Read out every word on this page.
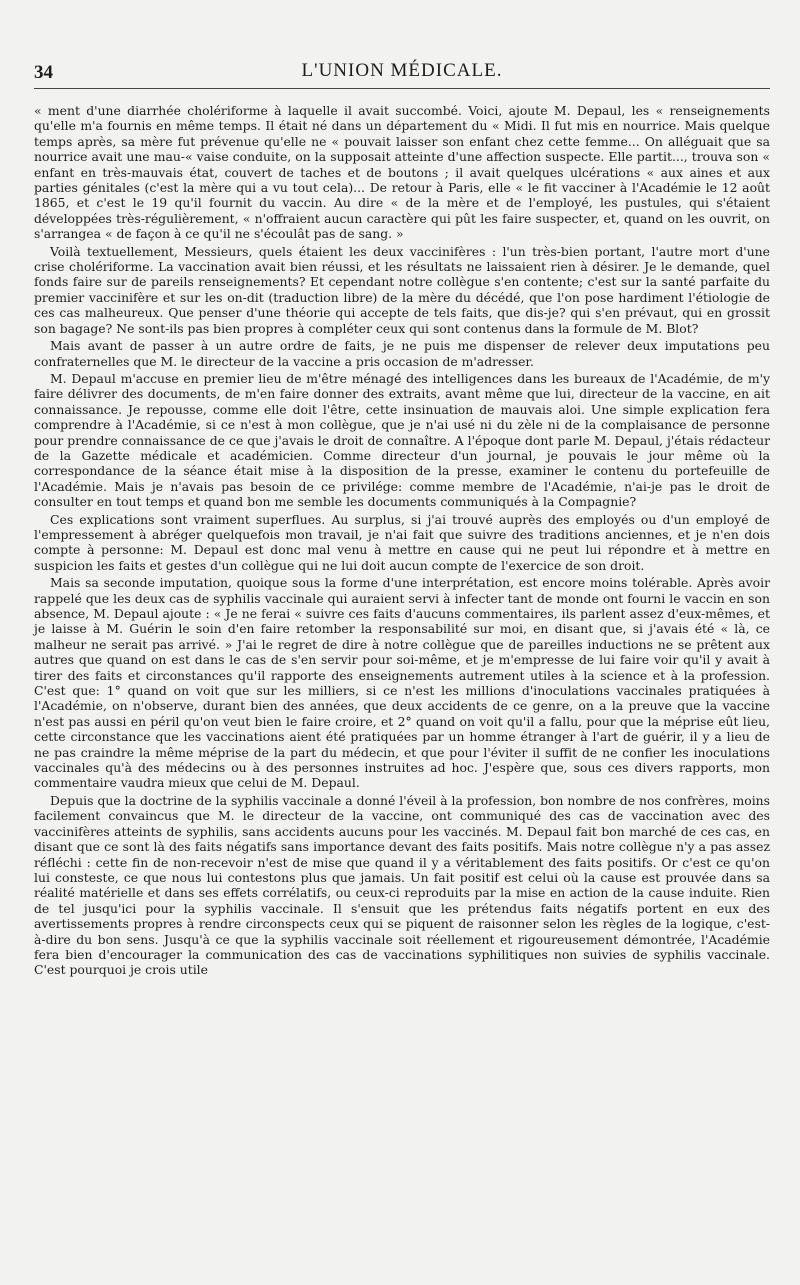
34	L'UNION MÉDICALE.

« ment d'une diarrhée cholériforme à laquelle il avait succombé. Voici, ajoute M. Depaul, les « renseignements qu'elle m'a fournis en même temps. Il était né dans un département du « Midi. Il fut mis en nourrice. Mais quelque temps après, sa mère fut prévenue qu'elle ne « pouvait laisser son enfant chez cette femme... On alléguait que sa nourrice avait une mau-« vaise conduite, on la supposait atteinte d'une affection suspecte. Elle partit..., trouva son « enfant en très-mauvais état, couvert de taches et de boutons ; il avait quelques ulcérations « aux aines et aux parties génitales (c'est la mère qui a vu tout cela)... De retour à Paris, elle « le fit vacciner à l'Académie le 12 août 1865, et c'est le 19 qu'il fournit du vaccin. Au dire « de la mère et de l'employé, les pustules, qui s'étaient développées très-régulièrement, « n'offraient aucun caractère qui pût les faire suspecter, et, quand on les ouvrit, on s'arrangea « de façon à ce qu'il ne s'écoulât pas de sang. »

Voilà textuellement, Messieurs, quels étaient les deux vaccinifères : l'un très-bien portant, l'autre mort d'une crise cholériforme. La vaccination avait bien réussi, et les résultats ne laissaient rien à désirer. Je le demande, quel fonds faire sur de pareils renseignements? Et cependant notre collègue s'en contente; c'est sur la santé parfaite du premier vaccinifère et sur les on-dit (traduction libre) de la mère du décédé, que l'on pose hardiment l'étiologie de ces cas malheureux. Que penser d'une théorie qui accepte de tels faits, que dis-je? qui s'en prévaut, qui en grossit son bagage? Ne sont-ils pas bien propres à compléter ceux qui sont contenus dans la formule de M. Blot?

Mais avant de passer à un autre ordre de faits, je ne puis me dispenser de relever deux imputations peu confraternelles que M. le directeur de la vaccine a pris occasion de m'adresser.

M. Depaul m'accuse en premier lieu de m'être ménagé des intelligences dans les bureaux de l'Académie, de m'y faire délivrer des documents, de m'en faire donner des extraits, avant même que lui, directeur de la vaccine, en ait connaissance. Je repousse, comme elle doit l'être, cette insinuation de mauvais aloi. Une simple explication fera comprendre à l'Académie, si ce n'est à mon collègue, que je n'ai usé ni du zèle ni de la complaisance de personne pour prendre connaissance de ce que j'avais le droit de connaître. A l'époque dont parle M. Depaul, j'étais rédacteur de la Gazette médicale et académicien. Comme directeur d'un journal, je pouvais le jour même où la correspondance de la séance était mise à la disposition de la presse, examiner le contenu du portefeuille de l'Académie. Mais je n'avais pas besoin de ce privilége: comme membre de l'Académie, n'ai-je pas le droit de consulter en tout temps et quand bon me semble les documents communiqués à la Compagnie?

Ces explications sont vraiment superflues. Au surplus, si j'ai trouvé auprès des employés ou d'un employé de l'empressement à abréger quelquefois mon travail, je n'ai fait que suivre des traditions anciennes, et je n'en dois compte à personne: M. Depaul est donc mal venu à mettre en cause qui ne peut lui répondre et à mettre en suspicion les faits et gestes d'un collègue qui ne lui doit aucun compte de l'exercice de son droit.

Mais sa seconde imputation, quoique sous la forme d'une interprétation, est encore moins tolérable. Après avoir rappelé que les deux cas de syphilis vaccinale qui auraient servi à infecter tant de monde ont fourni le vaccin en son absence, M. Depaul ajoute : « Je ne ferai « suivre ces faits d'aucuns commentaires, ils parlent assez d'eux-mêmes, et je laisse à M. Guérin le soin d'en faire retomber la responsabilité sur moi, en disant que, si j'avais été « là, ce malheur ne serait pas arrivé. » J'ai le regret de dire à notre collègue que de pareilles inductions ne se prêtent aux autres que quand on est dans le cas de s'en servir pour soi-même, et je m'empresse de lui faire voir qu'il y avait à tirer des faits et circonstances qu'il rapporte des enseignements autrement utiles à la science et à la profession. C'est que: 1° quand on voit que sur les milliers, si ce n'est les millions d'inoculations vaccinales pratiquées à l'Académie, on n'observe, durant bien des années, que deux accidents de ce genre, on a la preuve que la vaccine n'est pas aussi en péril qu'on veut bien le faire croire, et 2° quand on voit qu'il a fallu, pour que la méprise eût lieu, cette circonstance que les vaccinations aient été pratiquées par un homme étranger à l'art de guérir, il y a lieu de ne pas craindre la même méprise de la part du médecin, et que pour l'éviter il suffit de ne confier les inoculations vaccinales qu'à des médecins ou à des personnes instruites ad hoc. J'espère que, sous ces divers rapports, mon commentaire vaudra mieux que celui de M. Depaul.

Depuis que la doctrine de la syphilis vaccinale a donné l'éveil à la profession, bon nombre de nos confrères, moins facilement convaincus que M. le directeur de la vaccine, ont communiqué des cas de vaccination avec des vaccinifères atteints de syphilis, sans accidents aucuns pour les vaccinés. M. Depaul fait bon marché de ces cas, en disant que ce sont là des faits négatifs sans importance devant des faits positifs. Mais notre collègue n'y a pas assez réfléchi : cette fin de non-recevoir n'est de mise que quand il y a véritablement des faits positifs. Or c'est ce qu'on lui consteste, ce que nous lui contestons plus que jamais. Un fait positif est celui où la cause est prouvée dans sa réalité matérielle et dans ses effets corrélatifs, ou ceux-ci reproduits par la mise en action de la cause induite. Rien de tel jusqu'ici pour la syphilis vaccinale. Il s'ensuit que les prétendus faits négatifs portent en eux des avertissements propres à rendre circonspects ceux qui se piquent de raisonner selon les règles de la logique, c'est-à-dire du bon sens. Jusqu'à ce que la syphilis vaccinale soit réellement et rigoureusement démontrée, l'Académie fera bien d'encourager la communication des cas de vaccinations syphilitiques non suivies de syphilis vaccinale. C'est pourquoi je crois utile
